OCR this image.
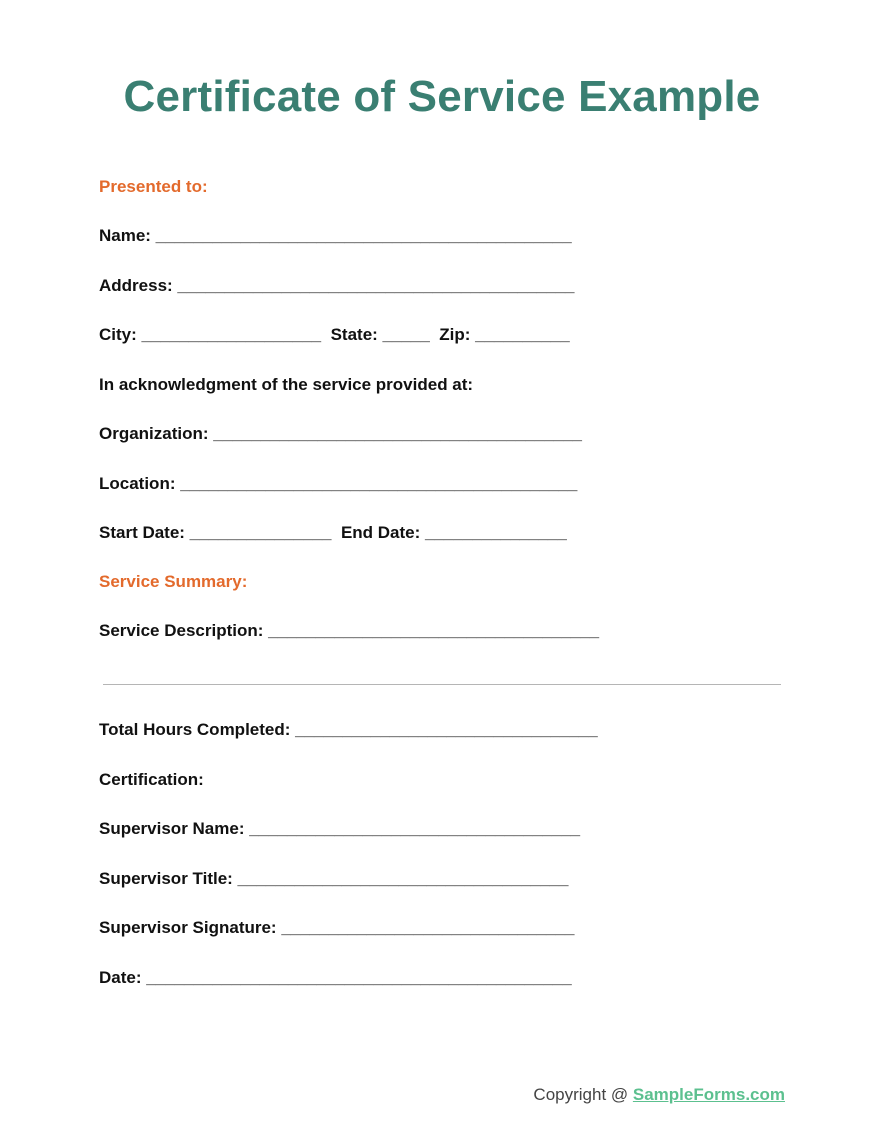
Certificate of Service Example
Presented to:
Name: ____________________________________________
Address: __________________________________________
City: ___________________  State: _____  Zip: __________
In acknowledgment of the service provided at:
Organization: _______________________________________
Location: __________________________________________
Start Date: _______________  End Date: _______________
Service Summary:
Service Description: ___________________________________
Total Hours Completed: ________________________________
Certification:
Supervisor Name: ___________________________________
Supervisor Title: ___________________________________
Supervisor Signature: _______________________________
Date: _____________________________________________
Copyright @ SampleForms.com
